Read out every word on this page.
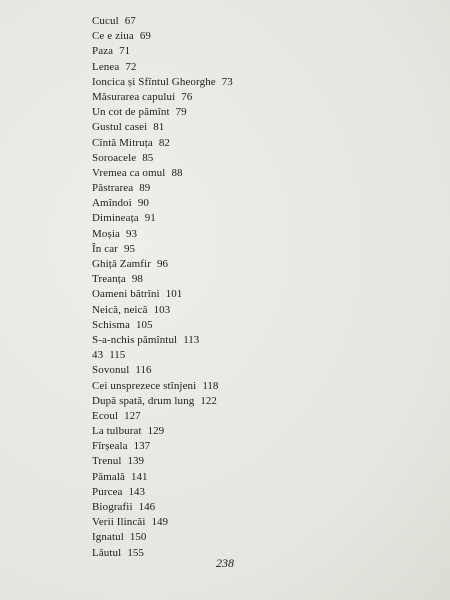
Cucul 67
Ce e ziua 69
Paza 71
Lenea 72
Ioncica și Sfîntul Gheorghe 73
Măsurarea capului 76
Un cot de pămînt 79
Gustul casei 81
Cîntă Mitruța 82
Soroacele 85
Vremea ca omul 88
Păstrarea 89
Amîndoi 90
Dimineața 91
Moșia 93
În car 95
Ghiță Zamfir 96
Treanța 98
Oameni bătrîni 101
Neică, neică 103
Schisma 105
S-a-nchis pămîntul 113
43 115
Sovonul 116
Cei unsprezece stînjeni 118
După spată, drum lung 122
Ecoul 127
La tulburat 129
Fîrșeala 137
Trenul 139
Pămală 141
Purcea 143
Biografii 146
Verii Ilincăi 149
Ignatul 150
Lăutul 155
238
